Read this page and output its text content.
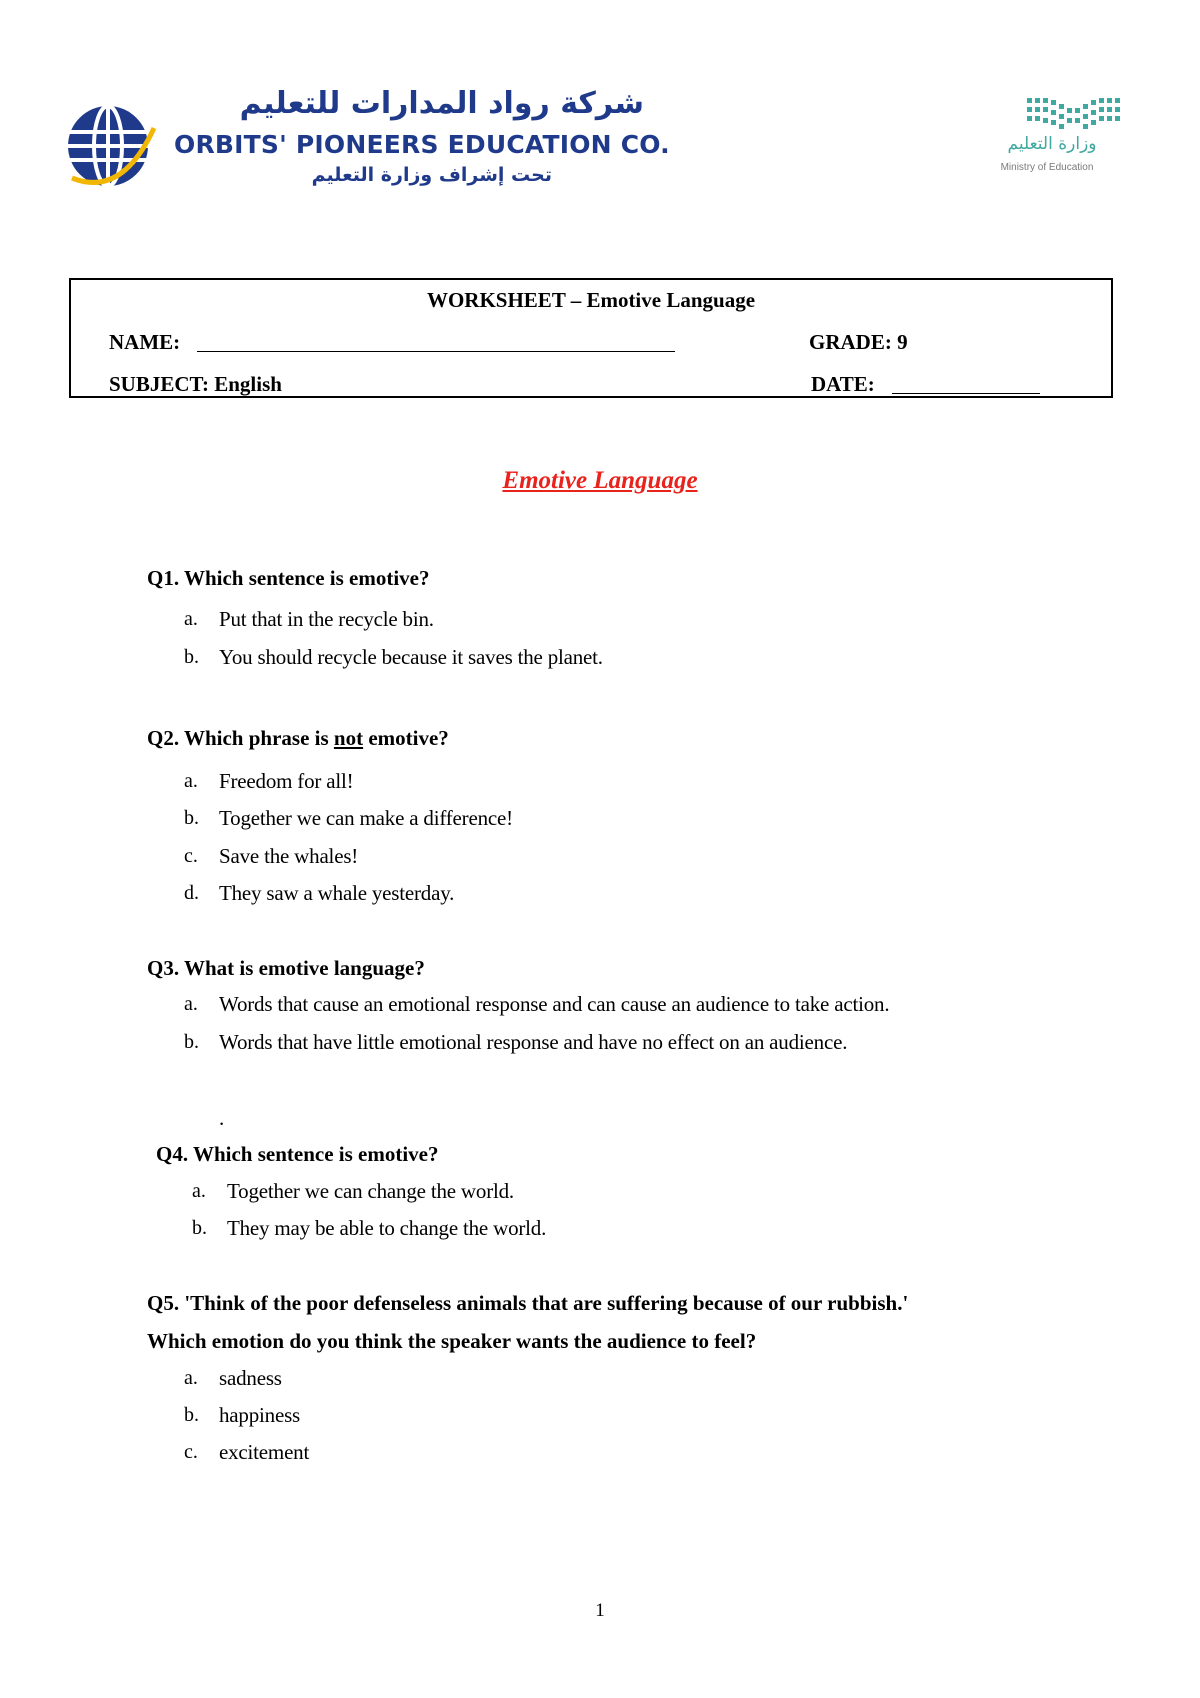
شركة رواد المدارات للتعليم
ORBITS' PIONEERS EDUCATION CO.
تحت إشراف وزارة التعليم
وزارة التعليم
Ministry of Education
WORKSHEET – Emotive Language
NAME:	GRADE: 9
SUBJECT: English	DATE:
Emotive Language
Q1. Which sentence is emotive?
a. Put that in the recycle bin.
b. You should recycle because it saves the planet.
Q2. Which phrase is not emotive?
a. Freedom for all!
b. Together we can make a difference!
c. Save the whales!
d. They saw a whale yesterday.
Q3. What is emotive language?
a. Words that cause an emotional response and can cause an audience to take action.
b. Words that have little emotional response and have no effect on an audience.
.
Q4. Which sentence is emotive?
a. Together we can change the world.
b. They may be able to change the world.
Q5. 'Think of the poor defenseless animals that are suffering because of our rubbish.'
Which emotion do you think the speaker wants the audience to feel?
a. sadness
b. happiness
c. excitement
1
